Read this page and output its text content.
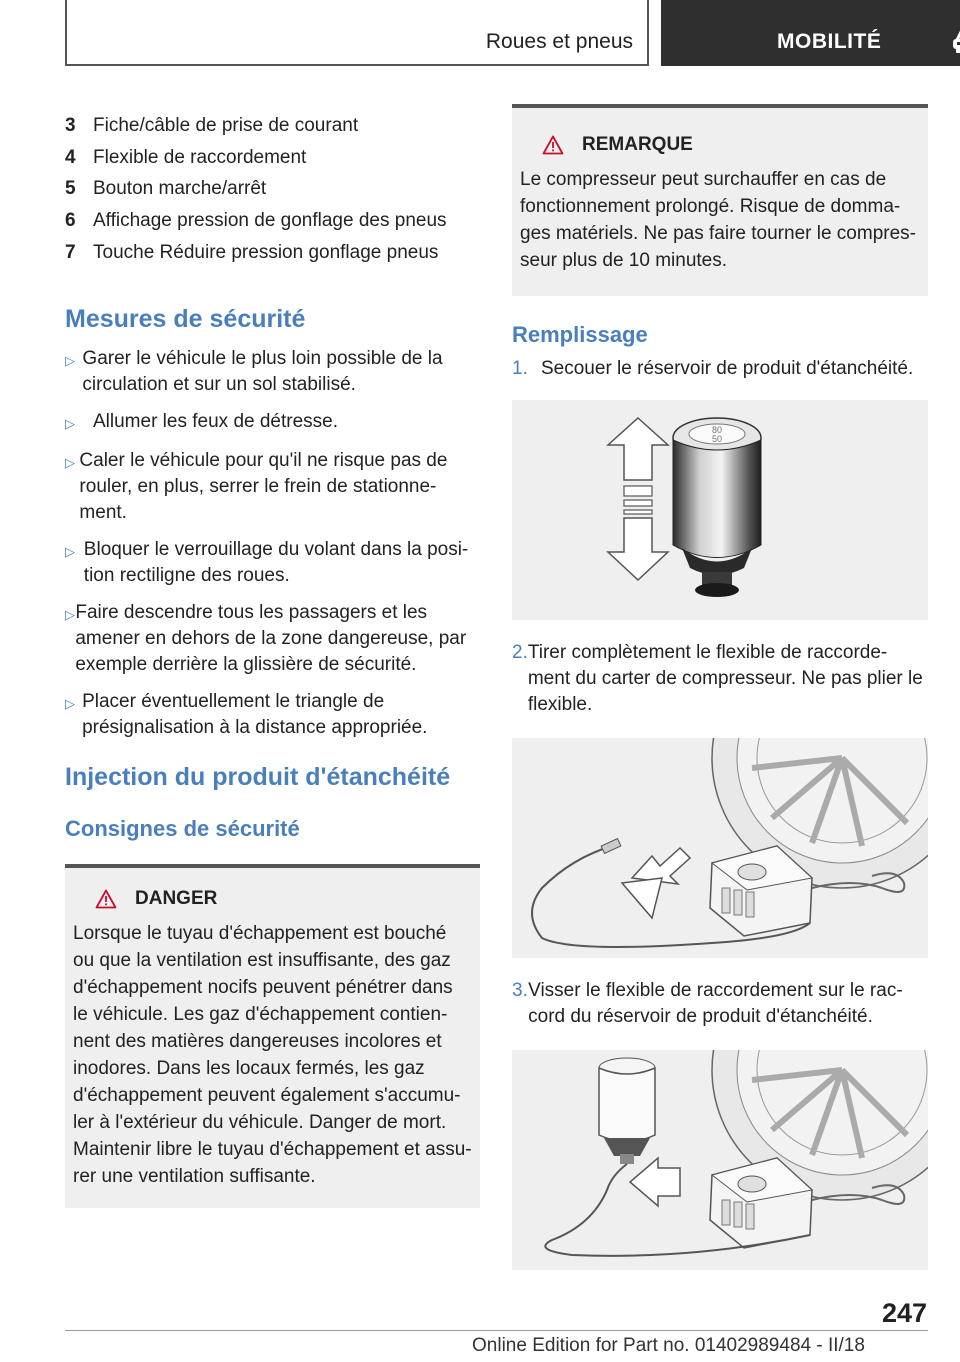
Roues et pneus	MOBILITÉ
3 Fiche/câble de prise de courant
4 Flexible de raccordement
5 Bouton marche/arrêt
6 Affichage pression de gonflage des pneus
7 Touche Réduire pression gonflage pneus
Mesures de sécurité
▷ Garer le véhicule le plus loin possible de la circulation et sur un sol stabilisé.
▷ Allumer les feux de détresse.
▷ Caler le véhicule pour qu'il ne risque pas de rouler, en plus, serrer le frein de stationne‐ment.
▷ Bloquer le verrouillage du volant dans la posi‐tion rectiligne des roues.
▷ Faire descendre tous les passagers et les amener en dehors de la zone dangereuse, par exemple derrière la glissière de sécurité.
▷ Placer éventuellement le triangle de présignalisation à la distance appropriée.
Injection du produit d'étanchéité
Consignes de sécurité
DANGER
Lorsque le tuyau d'échappement est bouché ou que la ventilation est insuffisante, des gaz d'échappement nocifs peuvent pénétrer dans le véhicule. Les gaz d'échappement contien‐nent des matières dangereuses incolores et inodores. Dans les locaux fermés, les gaz d'échappement peuvent également s'accumu‐ler à l'extérieur du véhicule. Danger de mort. Maintenir libre le tuyau d'échappement et assu‐rer une ventilation suffisante.
REMARQUE
Le compresseur peut surchauffer en cas de fonctionnement prolongé. Risque de domma‐ges matériels. Ne pas faire tourner le compres‐seur plus de 10 minutes.
Remplissage
1. Secouer le réservoir de produit d'étanchéité.
80
50
2. Tirer complètement le flexible de raccorde‐ment du carter de compresseur. Ne pas plier le flexible.
3. Visser le flexible de raccordement sur le rac‐cord du réservoir de produit d'étanchéité.
247
Online Edition for Part no. 01402989484 - II/18
